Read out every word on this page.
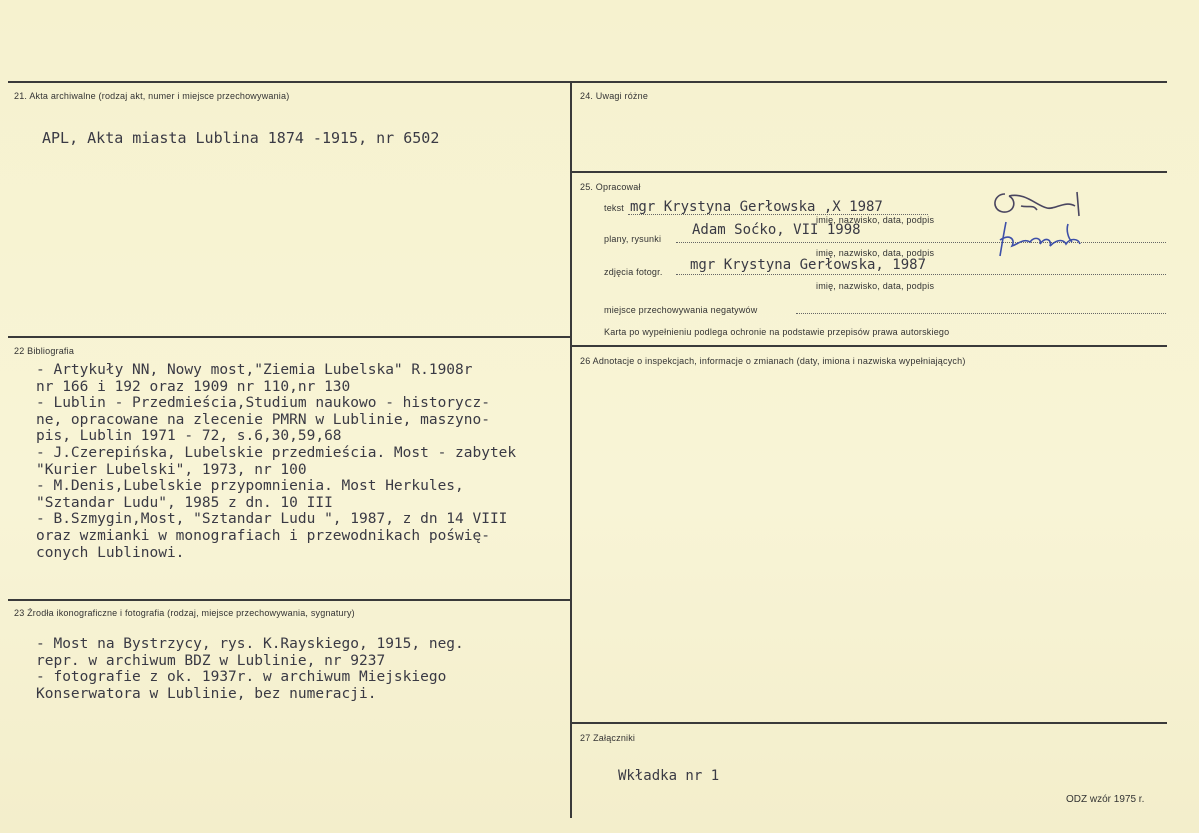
21. Akta archiwalne (rodzaj akt, numer i miejsce przechowywania)
APL, Akta miasta Lublina 1874 -1915, nr 6502
22 Bibliografia
- Artykuły NN, Nowy most,"Ziemia Lubelska" R.1908r
nr 166 i 192 oraz 1909 nr 110,nr 130
- Lublin - Przedmieścia,Studium naukowo - historycz-
ne, opracowane na zlecenie PMRN w Lublinie, maszyno-
pis, Lublin 1971 - 72, s.6,30,59,68
- J.Czerepińska, Lubelskie przedmieścia. Most - zabytek
"Kurier Lubelski", 1973, nr 100
- M.Denis,Lubelskie przypomnienia. Most Herkules,
"Sztandar Ludu", 1985 z dn. 10 III
- B.Szmygin,Most, "Sztandar Ludu ", 1987, z dn 14 VIII
oraz wzmianki w monografiach i przewodnikach poświę-
conych Lublinowi.
23 Źrodła ikonograficzne i fotografia (rodzaj, miejsce przechowywania, sygnatury)
- Most na Bystrzycy, rys. K.Rayskiego, 1915, neg.
repr. w archiwum BDZ w Lublinie, nr 9237
- fotografie z ok. 1937r. w archiwum Miejskiego
Konserwatora w Lublinie, bez numeracji.
24. Uwagi różne
25. Opracował
tekst mgr Krystyna Gerłowska ,X 1987
imię, nazwisko, data, podpis
plany, rysunki
Adam Soćko, VII 1998
imię, nazwisko, data, podpis
zdjęcia fotogr. mgr Krystyna Gerłowska, 1987
imię, nazwisko, data, podpis
miejsce przechowywania negatywów
Karta po wypełnieniu podlega ochronie na podstawie przepisów prawa autorskiego
26 Adnotacje o inspekcjach, informacje o zmianach (daty, imiona i nazwiska wypełniających)
27 Załączniki
Wkładka nr 1
ODZ wzór 1975 r.
